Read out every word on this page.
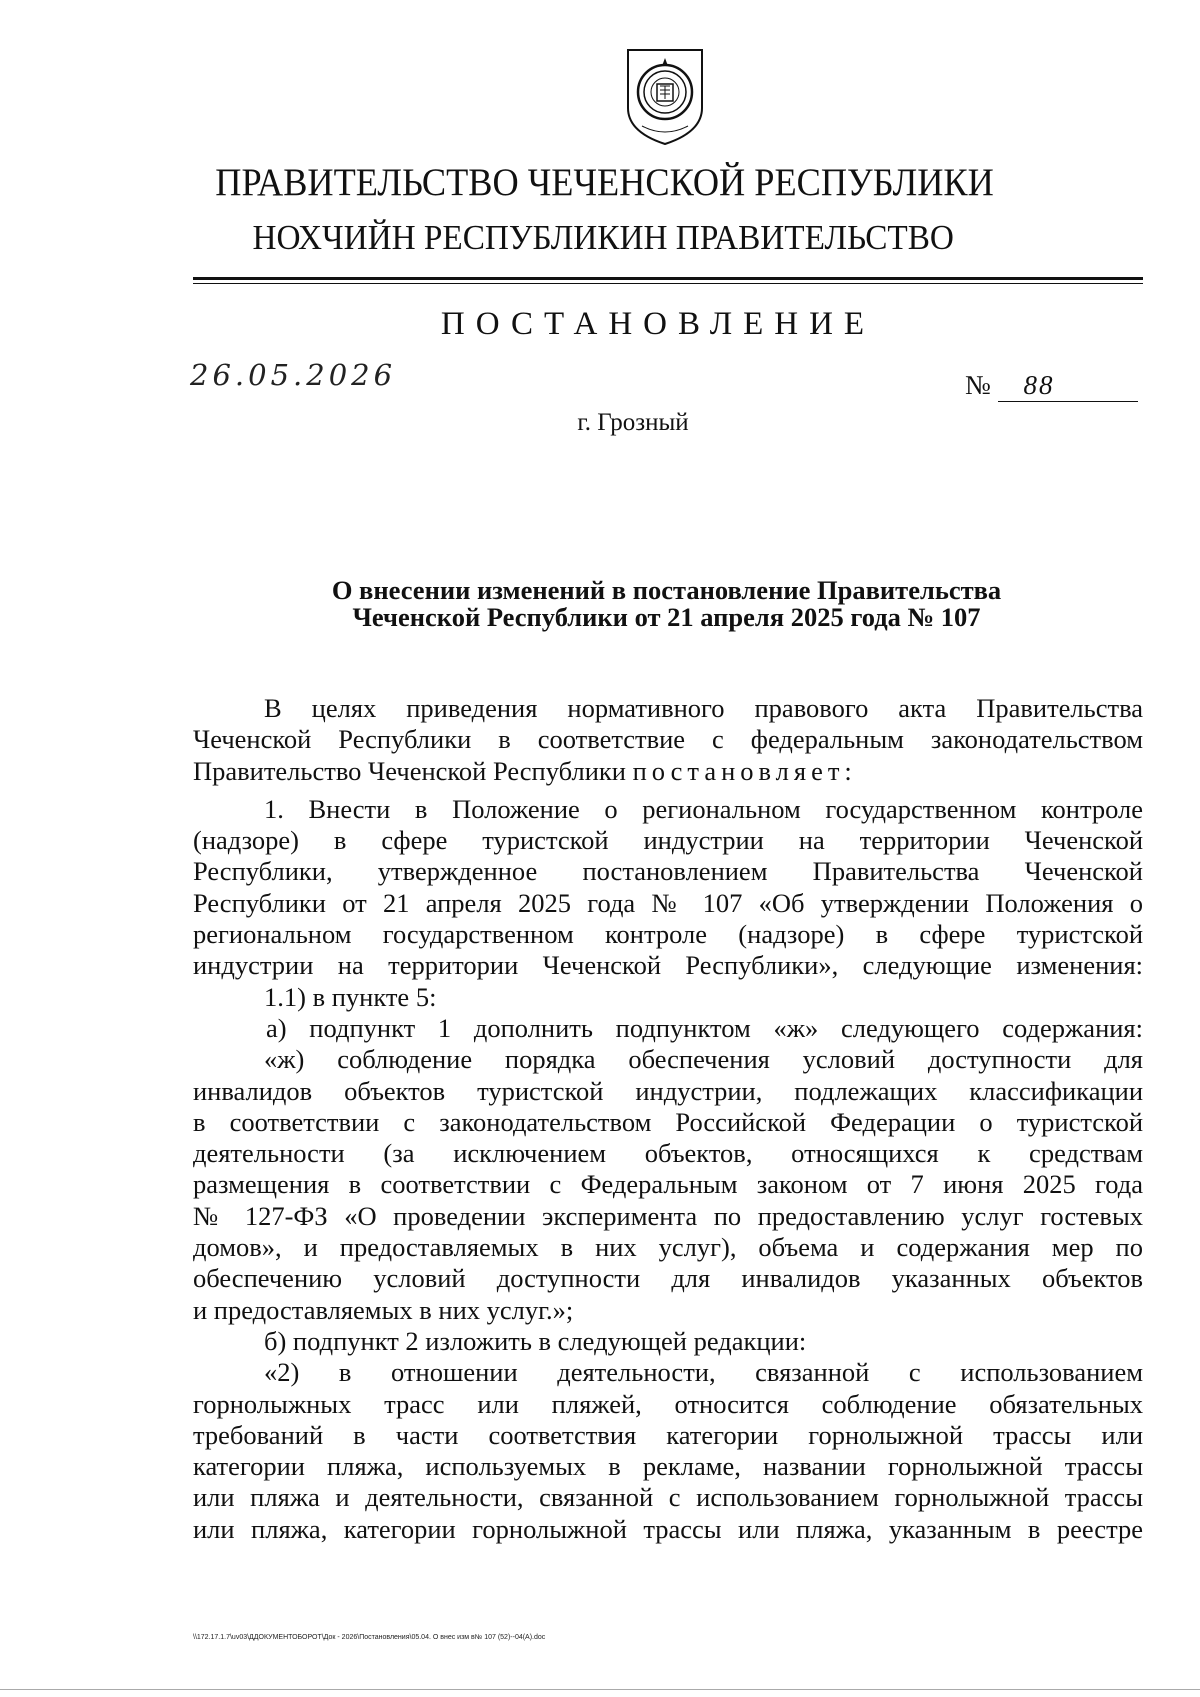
ПРАВИТЕЛЬСТВО ЧЕЧЕНСКОЙ РЕСПУБЛИКИ
НОХЧИЙН РЕСПУБЛИКИН ПРАВИТЕЛЬСТВО
ПОСТАНОВЛЕНИЕ
26.05.2026	№ 88
г. Грозный
О внесении изменений в постановление Правительства
Чеченской Республики от 21 апреля 2025 года № 107

В целях приведения нормативного правового акта Правительства

Чеченской Республики в соответствие с федеральным законодательством

Правительство Чеченской Республики постановляет:

1. Внести в Положение о региональном государственном контроле

(надзоре) в сфере туристской индустрии на территории Чеченской

Республики, утвержденное постановлением Правительства Чеченской

Республики от 21 апреля 2025 года № 107 «Об утверждении Положения о

региональном государственном контроле (надзоре) в сфере туристской

индустрии на территории Чеченской Республики», следующие изменения:

1.1) в пункте 5:

а) подпункт 1 дополнить подпунктом «ж» следующего содержания:

«ж) соблюдение порядка обеспечения условий доступности для

инвалидов объектов туристской индустрии, подлежащих классификации

в соответствии с законодательством Российской Федерации о туристской

деятельности (за исключением объектов, относящихся к средствам

размещения в соответствии с Федеральным законом от 7 июня 2025 года

№ 127-ФЗ «О проведении эксперимента по предоставлению услуг гостевых

домов», и предоставляемых в них услуг), объема и содержания мер по

обеспечению условий доступности для инвалидов указанных объектов

и предоставляемых в них услуг.»;

б) подпункт 2 изложить в следующей редакции:

«2) в отношении деятельности, связанной с использованием

горнолыжных трасс или пляжей, относится соблюдение обязательных

требований в части соответствия категории горнолыжной трассы или

категории пляжа, используемых в рекламе, названии горнолыжной трассы

или пляжа и деятельности, связанной с использованием горнолыжной трассы

или пляжа, категории горнолыжной трассы или пляжа, указанным в реестре

\\172.17.1.7\uv03\ДДОКУМЕНТОБОРОТ\Док - 2026\Постановления\05.04. О внес изм в№ 107 (52)--04(А).doc
